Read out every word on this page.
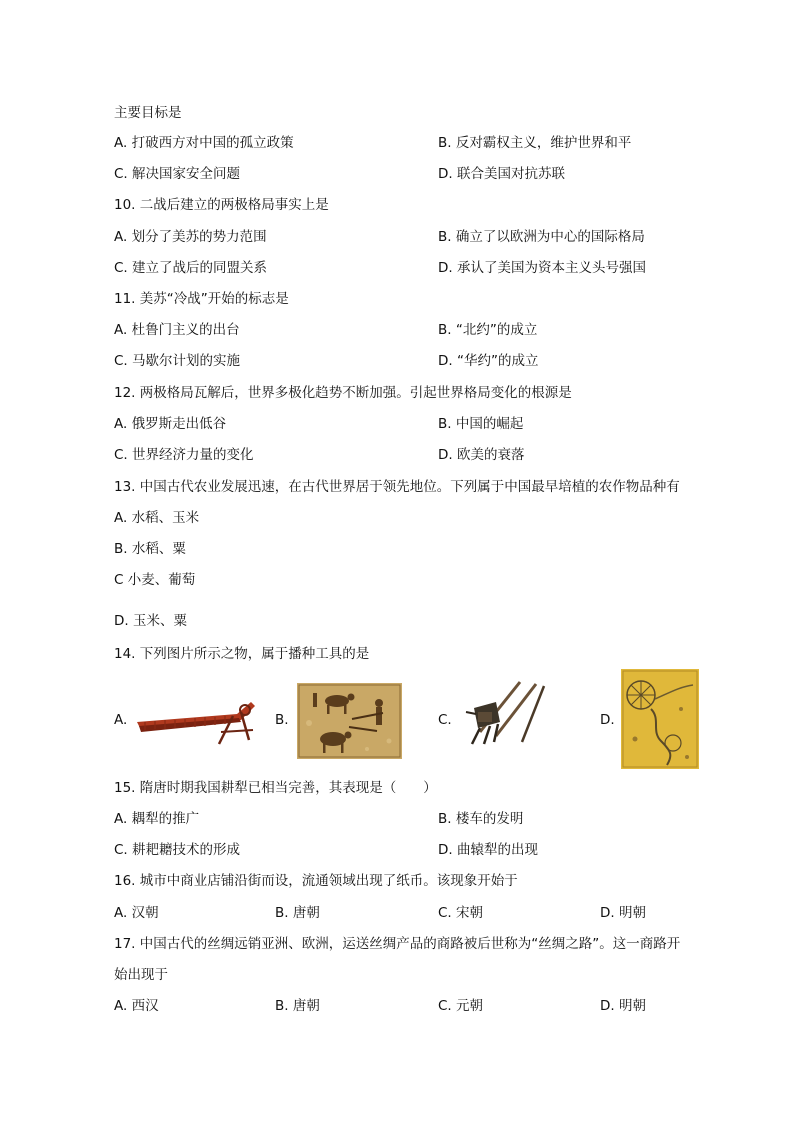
主要目标是
A. 打破西方对中国的孤立政策	B. 反对霸权主义，维护世界和平
C. 解决国家安全问题	D. 联合美国对抗苏联
10. 二战后建立的两极格局事实上是
A. 划分了美苏的势力范围	B. 确立了以欧洲为中心的国际格局
C. 建立了战后的同盟关系	D. 承认了美国为资本主义头号强国
11. 美苏“冷战”开始的标志是
A. 杜鲁门主义的出台	B. “北约”的成立
C. 马歇尔计划的实施	D. “华约”的成立
12. 两极格局瓦解后，世界多极化趋势不断加强。引起世界格局变化的根源是
A. 俄罗斯走出低谷	B. 中国的崛起
C. 世界经济力量的变化	D. 欧美的衰落
13. 中国古代农业发展迅速，在古代世界居于领先地位。下列属于中国最早培植的农作物品种有
A. 水稻、玉米
B. 水稻、粟
C 小麦、葡萄
D. 玉米、粟
14. 下列图片所示之物，属于播种工具的是
A.	B.	C.	D.
15. 隋唐时期我国耕犁已相当完善，其表现是（　　）
A. 耦犁的推广	B. 楼车的发明
C. 耕耙耱技术的形成	D. 曲辕犁的出现
16. 城市中商业店铺沿街而设，流通领域出现了纸币。该现象开始于
A. 汉朝	B. 唐朝	C. 宋朝	D. 明朝
17. 中国古代的丝绸远销亚洲、欧洲，运送丝绸产品的商路被后世称为“丝绸之路”。这一商路开
始出现于
A. 西汉	B. 唐朝	C. 元朝	D. 明朝
